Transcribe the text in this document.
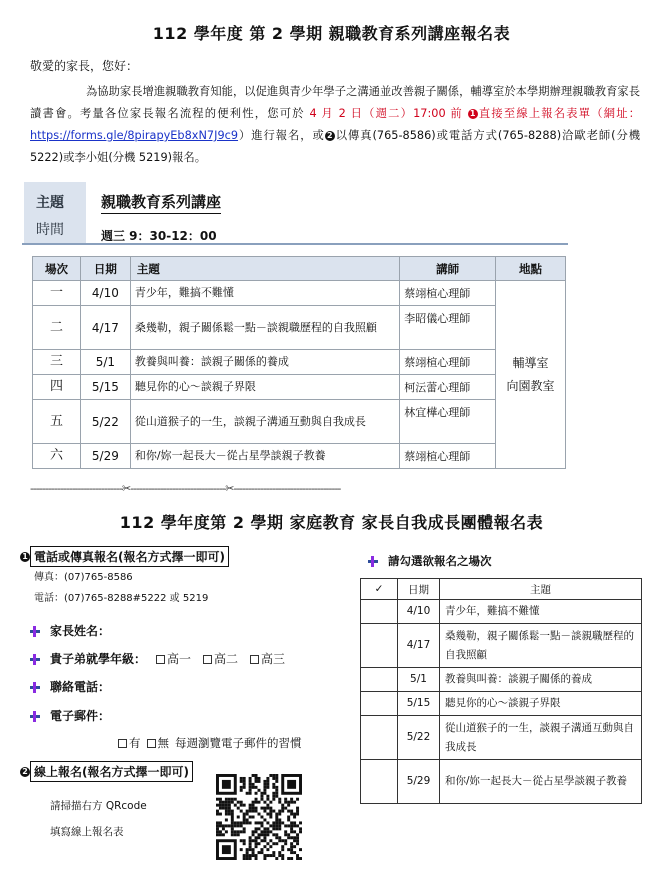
112 學年度 第 2 學期 親職教育系列講座報名表
敬愛的家長，您好：
為協助家長增進親職教育知能，以促進與青少年學子之溝通並改善親子關係，輔導室於本學期辦理親職教育家長讀書會。考量各位家長報名流程的便利性，您可於 4 月 2 日（週二）17:00 前 1 直接至線上報名表單（網址：https://forms.gle/8pirapyEb8xN7J9c9）進行報名，或 2 以傳真(765-8586)或電話方式(765-8288)洽歐老師(分機 5222)或李小姐(分機 5219)報名。
主題
時間
親職教育系列講座
週三 9：30-12：00
場次	日期	主題	講師	地點
一	4/10	青少年，難搞不難懂	蔡翊楦心理師	輔導室
向園教室
二	4/17	桑幾勒，親子關係鬆一點－談親職歷程的自我照顧	李昭儀心理師	
三	5/1	教養與叫養：談親子關係的養成	蔡翊楦心理師	
四	5/15	聽見你的心～談親子界限	柯沄蕾心理師	
五	5/22	從山道猴子的一生，談親子溝通互動與自我成長	林宜樺心理師	
六	5/29	和你/妳一起長大－從占星學談親子教養	蔡翊楦心理師	
-------------------------------✂--------------------------------✂------------------------------------
112 學年度第 2 學期 家庭教育 家長自我成長團體報名表
1 電話或傳真報名(報名方式擇一即可)
傳真：(07)765-8586
電話：(07)765-8288#5222 或 5219
家長姓名：
貴子弟就學年級：	高一	高二	高三
聯絡電話：
電子郵件：
有	無 每週瀏覽電子郵件的習慣
2 線上報名(報名方式擇一即可)
請掃描右方 QRcode
填寫線上報名表
請勾選欲報名之場次
✓	日期	主題
	4/10	青少年，難搞不難懂
	4/17	桑幾勒，親子關係鬆一點－談親職歷程的自我照顧
	5/1	教養與叫養：談親子關係的養成
	5/15	聽見你的心～談親子界限
	5/22	從山道猴子的一生，談親子溝通互動與自我成長
	5/29	和你/妳一起長大－從占星學談親子教養
